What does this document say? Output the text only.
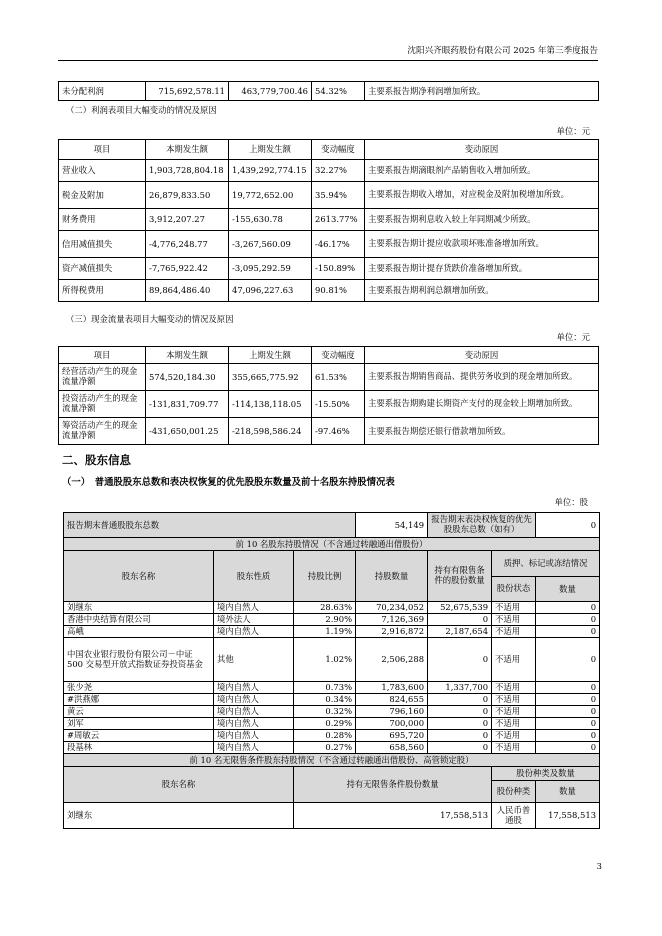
沈阳兴齐眼药股份有限公司 2025 年第三季度报告
未分配利润	715,692,578.11	463,779,700.46	54.32%	主要系报告期净利润增加所致。
（二）利润表项目大幅变动的情况及原因
单位：元
项目	本期发生额	上期发生额	变动幅度	变动原因
营业收入	1,903,728,804.18	1,439,292,774.15	32.27%	主要系报告期滴眼剂产品销售收入增加所致。
税金及附加	26,879,833.50	19,772,652.00	35.94%	主要系报告期收入增加，对应税金及附加税增加所致。
财务费用	3,912,207.27	-155,630.78	2613.77%	主要系报告期利息收入较上年同期减少所致。
信用减值损失	-4,776,248.77	-3,267,560.09	-46.17%	主要系报告期计提应收款项坏账准备增加所致。
资产减值损失	-7,765,922.42	-3,095,292.59	-150.89%	主要系报告期计提存货跌价准备增加所致。
所得税费用	89,864,486.40	47,096,227.63	90.81%	主要系报告期利润总额增加所致。
（三）现金流量表项目大幅变动的情况及原因
单位：元
项目	本期发生额	上期发生额	变动幅度	变动原因
经营活动产生的现金流量净额	574,520,184.30	355,665,775.92	61.53%	主要系报告期销售商品、提供劳务收到的现金增加所致。
投资活动产生的现金流量净额	-131,831,709.77	-114,138,118.05	-15.50%	主要系报告期购建长期资产支付的现金较上期增加所致。
筹资活动产生的现金流量净额	-431,650,001.25	-218,598,586.24	-97.46%	主要系报告期偿还银行借款增加所致。
二、股东信息
（一）　普通股股东总数和表决权恢复的优先股股东数量及前十名股东持股情况表
单位：股
报告期末普通股股东总数			54,149	报告期末表决权恢复的优先股股东总数（如有）		0
前 10 名股东持股情况（不含通过转融通出借股份）						
股东名称	股东性质	持股比例	持股数量	持有有限售条件的股份数量	质押、标记或冻结情况	
					股份状态	数量
刘继东	境内自然人	28.63%	70,234,052	52,675,539	不适用	0
香港中央结算有限公司	境外法人	2.90%	7,126,369	0	不适用	0
高峨	境内自然人	1.19%	2,916,872	2,187,654	不适用	0
中国农业银行股份有限公司－中证 500 交易型开放式指数证券投资基金	其他	1.02%	2,506,288	0	不适用	0
张少尧	境内自然人	0.73%	1,783,600	1,337,700	不适用	0
#洪燕娜	境内自然人	0.34%	824,655	0	不适用	0
黄云	境内自然人	0.32%	796,160	0	不适用	0
刘军	境内自然人	0.29%	700,000	0	不适用	0
#周敏云	境内自然人	0.28%	695,720	0	不适用	0
段基林	境内自然人	0.27%	658,560	0	不适用	0
前 10 名无限售条件股东持股情况（不含通过转融通出借股份、高管锁定股）						
股东名称		持有无限售条件股份数量			股份种类及数量	
					股份种类	数量
刘继东		17,558,513			人民币普通股	17,558,513
3
